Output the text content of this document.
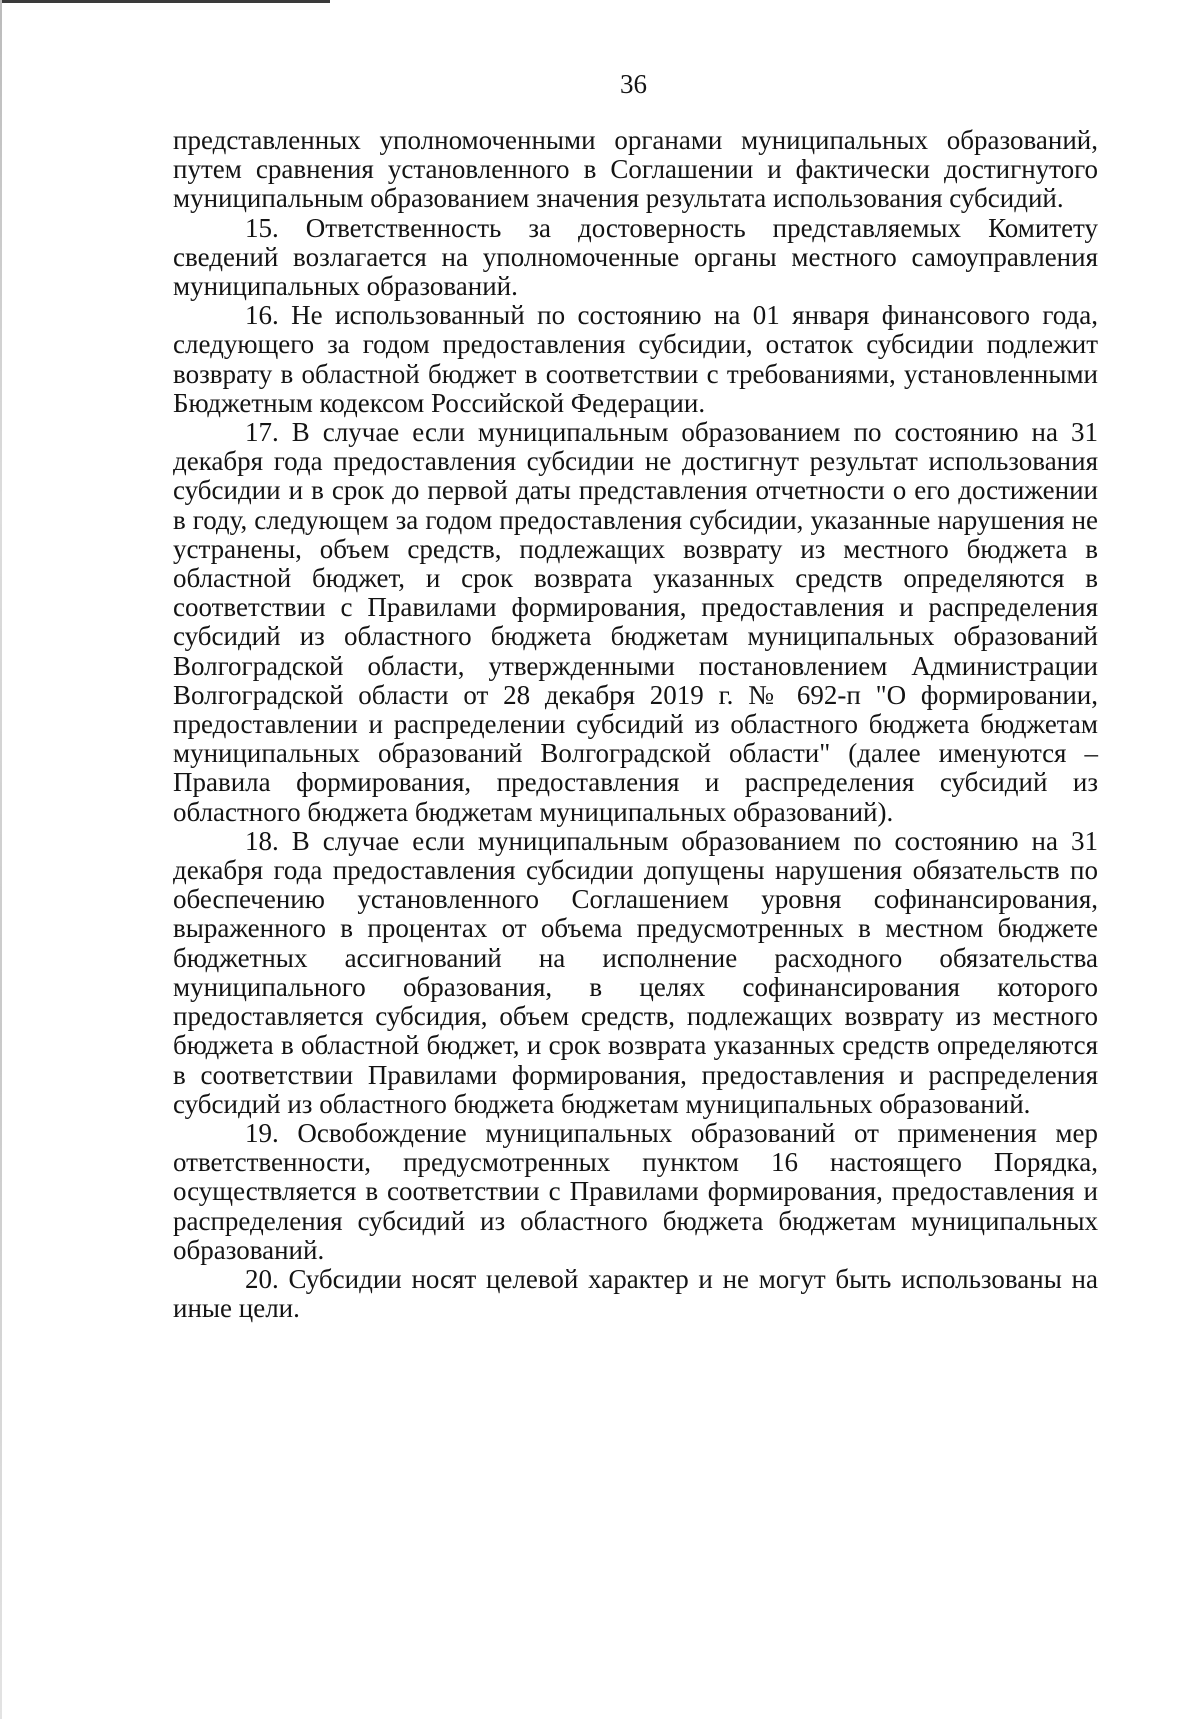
36

представленных уполномоченными органами муниципальных образований, путем сравнения установленного в Соглашении и фактически достигнутого муниципальным образованием значения результата использования субсидий.

15. Ответственность за достоверность представляемых Комитету сведений возлагается на уполномоченные органы местного самоуправления муниципальных образований.

16. Не использованный по состоянию на 01 января финансового года, следующего за годом предоставления субсидии, остаток субсидии подлежит возврату в областной бюджет в соответствии с требованиями, установленными Бюджетным кодексом Российской Федерации.

17. В случае если муниципальным образованием по состоянию на 31 декабря года предоставления субсидии не достигнут результат использования субсидии и в срок до первой даты представления отчетности о его достижении в году, следующем за годом предоставления субсидии, указанные нарушения не устранены, объем средств, подлежащих возврату из местного бюджета в областной бюджет, и срок возврата указанных средств определяются в соответствии с Правилами формирования, предоставления и распределения субсидий из областного бюджета бюджетам муниципальных образований Волгоградской области, утвержденными постановлением Администрации Волгоградской области от 28 декабря 2019 г. № 692-п "О формировании, предоставлении и распределении субсидий из областного бюджета бюджетам муниципальных образований Волгоградской области" (далее именуются – Правила формирования, предоставления и распределения субсидий из областного бюджета бюджетам муниципальных образований).

18. В случае если муниципальным образованием по состоянию на 31 декабря года предоставления субсидии допущены нарушения обязательств по обеспечению установленного Соглашением уровня софинансирования, выраженного в процентах от объема предусмотренных в местном бюджете бюджетных ассигнований на исполнение расходного обязательства муниципального образования, в целях софинансирования которого предоставляется субсидия, объем средств, подлежащих возврату из местного бюджета в областной бюджет, и срок возврата указанных средств определяются в соответствии Правилами формирования, предоставления и распределения субсидий из областного бюджета бюджетам муниципальных образований.

19. Освобождение муниципальных образований от применения мер ответственности, предусмотренных пунктом 16 настоящего Порядка, осуществляется в соответствии с Правилами формирования, предоставления и распределения субсидий из областного бюджета бюджетам муниципальных образований.

20. Субсидии носят целевой характер и не могут быть использованы на иные цели.
